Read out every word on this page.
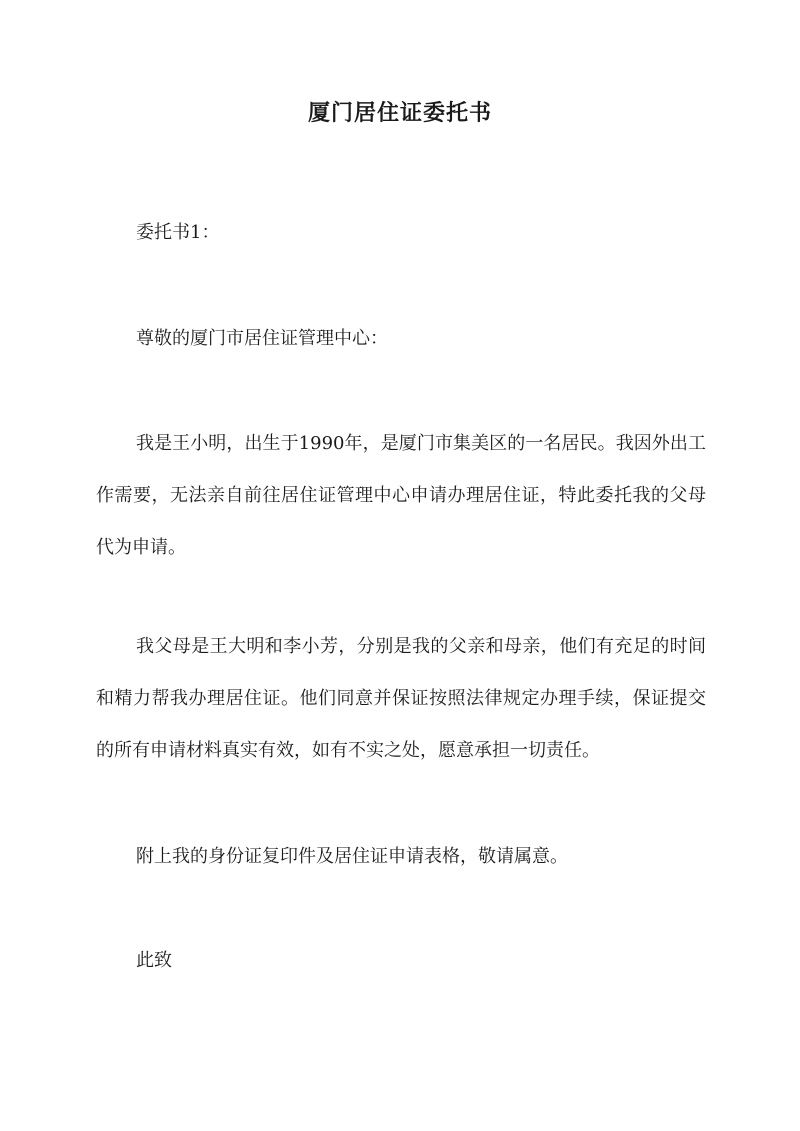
厦门居住证委托书

委托书1：

尊敬的厦门市居住证管理中心：

我是王小明，出生于1990年，是厦门市集美区的一名居民。我因外出工作需要，无法亲自前往居住证管理中心申请办理居住证，特此委托我的父母代为申请。

我父母是王大明和李小芳，分别是我的父亲和母亲，他们有充足的时间和精力帮我办理居住证。他们同意并保证按照法律规定办理手续，保证提交的所有申请材料真实有效，如有不实之处，愿意承担一切责任。

附上我的身份证复印件及居住证申请表格，敬请属意。

此致
